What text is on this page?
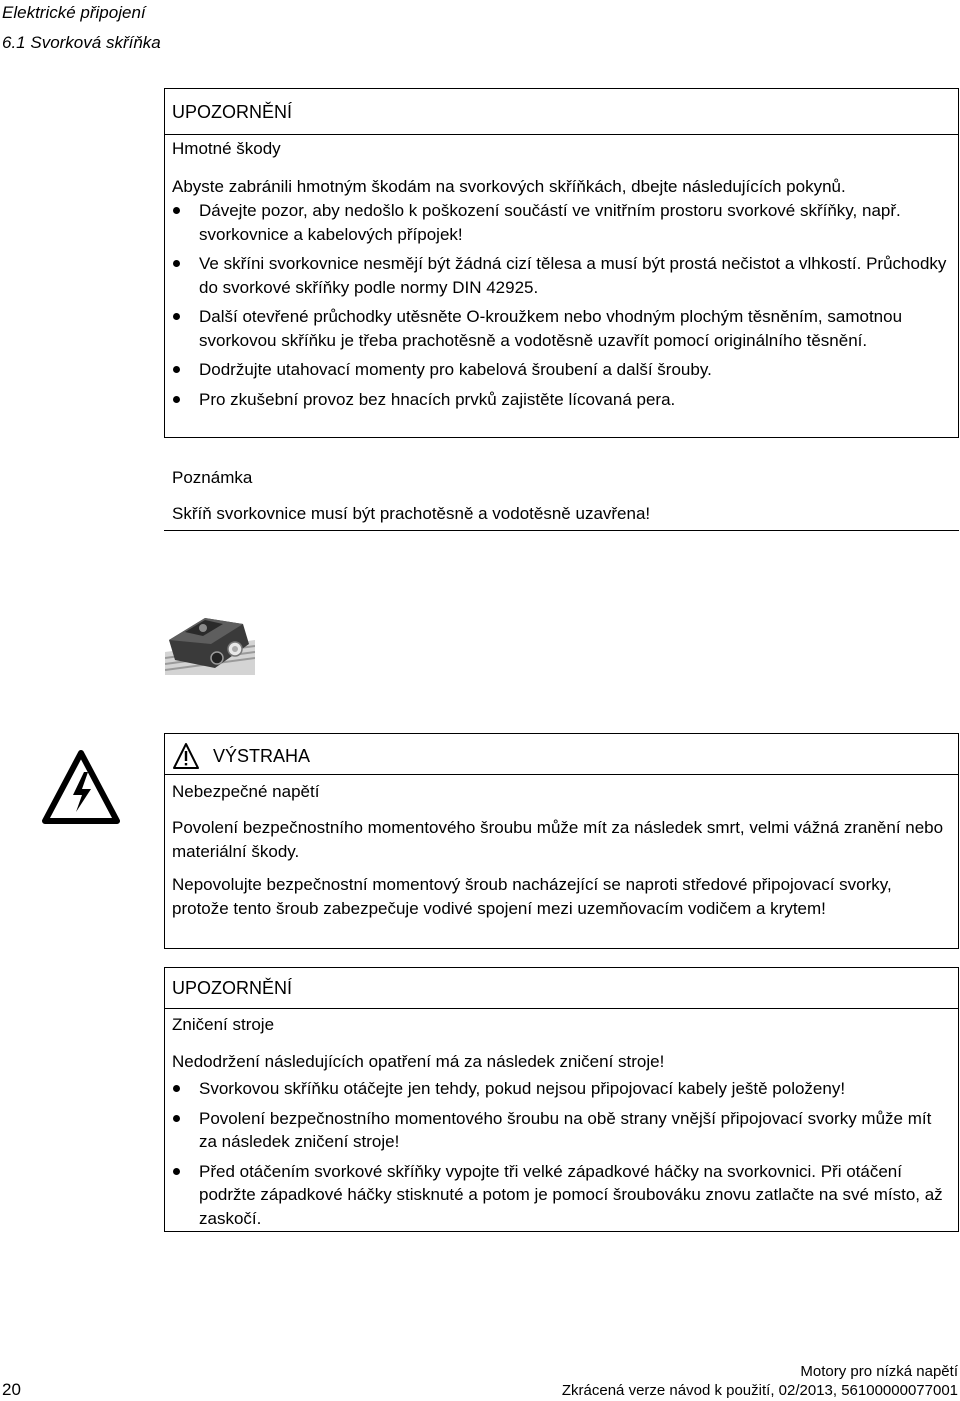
Elektrické připojení
6.1 Svorková skříňka
UPOZORNĚNÍ
Hmotné škody
Abyste zabránili hmotným škodám na svorkových skříňkách, dbejte následujících pokynů.
Dávejte pozor, aby nedošlo k poškození součástí ve vnitřním prostoru svorkové skříňky, např. svorkovnice a kabelových přípojek!
Ve skříni svorkovnice nesmějí být žádná cizí tělesa a musí být prostá nečistot a vlhkostí. Průchodky do svorkové skříňky podle normy DIN 42925.
Další otevřené průchodky utěsněte O-kroužkem nebo vhodným plochým těsněním, samotnou svorkovou skříňku je třeba prachotěsně a vodotěsně uzavřít pomocí originálního těsnění.
Dodržujte utahovací momenty pro kabelová šroubení a další šrouby.
Pro zkušební provoz bez hnacích prvků zajistěte lícovaná pera.
Poznámka
Skříň svorkovnice musí být prachotěsně a vodotěsně uzavřena!
VÝSTRAHA
Nebezpečné napětí
Povolení bezpečnostního momentového šroubu může mít za následek smrt, velmi vážná zranění nebo materiální škody.
Nepovolujte bezpečnostní momentový šroub nacházející se naproti středové připojovací svorky, protože tento šroub zabezpečuje vodivé spojení mezi uzemňovacím vodičem a krytem!
UPOZORNĚNÍ
Zničení stroje
Nedodržení následujících opatření má za následek zničení stroje!
Svorkovou skříňku otáčejte jen tehdy, pokud nejsou připojovací kabely ještě položeny!
Povolení bezpečnostního momentového šroubu na obě strany vnější připojovací svorky může mít za následek zničení stroje!
Před otáčením svorkové skříňky vypojte tři velké západkové háčky na svorkovnici. Při otáčení podržte západkové háčky stisknuté a potom je pomocí šroubováku znovu zatlačte na své místo, až zaskočí.
20
Motory pro nízká napětí
Zkrácená verze návod k použití, 02/2013, 56100000077001
